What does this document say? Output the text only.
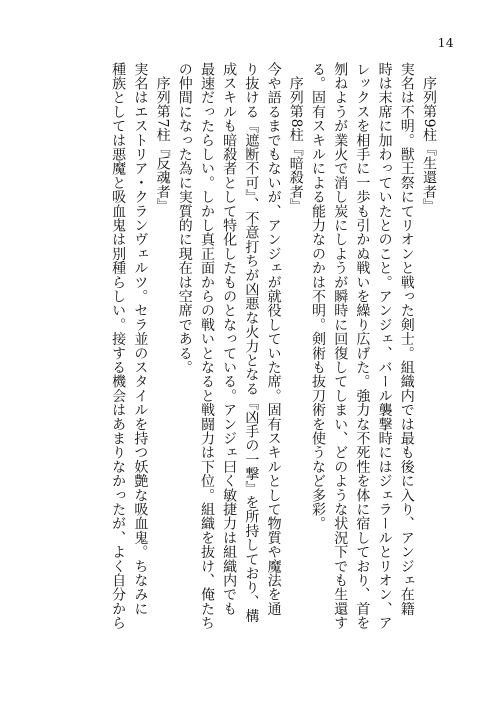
14
序列第9柱『生還者』
実名は不明。獣王祭にてリオンと戦った剣士。組織内では最も後に入り、アンジェ在籍
時は末席に加わっていたとのこと。アンジェ、バール襲撃時にはジェラールとリオン、ア
レックスを相手に一歩も引かぬ戦いを繰り広げた。強力な不死性を体に宿しており、首を
刎ねようが業火で消し炭にしようが瞬時に回復してしまい、どのような状況下でも生還す
る。固有スキルによる能力なのかは不明。剣術も抜刀術を使うなど多彩。
序列第8柱『暗殺者』
今や語るまでもないが、アンジェが就役していた席。固有スキルとして物質や魔法を通
り抜ける『遮断不可』、不意打ちが凶悪な火力となる『凶手の一撃』を所持しており、構
成スキルも暗殺者として特化したものとなっている。アンジェ曰く敏捷力は組織内でも
最速だったらしい。しかし真正面からの戦いとなると戦闘力は下位。組織を抜け、俺たち
の仲間になった為に実質的に現在は空席である。
序列第7柱『反魂者』
実名はエストリア・クランヴェルツ。セラ並のスタイルを持つ妖艶な吸血鬼。ちなみに
種族としては悪魔と吸血鬼は別種らしい。接する機会はあまりなかったが、よく自分から
